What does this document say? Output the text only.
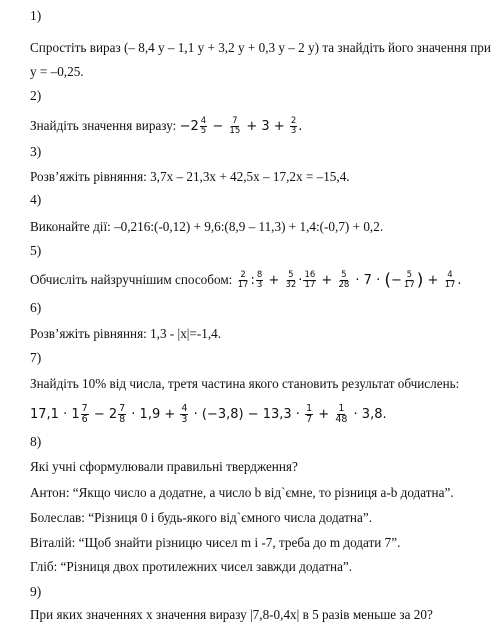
1)
Спростіть вираз (– 8,4 у – 1,1 у + 3,2 у + 0,3 у – 2 у) та знайдіть його значення при
у = –0,25.
2)
Знайдіть значення виразу: $-2 \frac{4}{5} - \frac{7}{15} + 3 + \frac{2}{3}$ .
3)
Розв’яжіть рівняння: 3,7х – 21,3х + 42,5х – 17,2х = –15,4.
4)
Виконайте дії: –0,216:(-0,12) + 9,6:(8,9 – 11,3) + 1,4:(-0,7) + 0,2.
5)
Обчисліть найзручнішим способом: $\frac{2}{17}$ : $\frac{8}{3} + \frac{5}{32} \cdot \frac{16}{17} + \frac{5}{28} \cdot 7$ · (− $\frac{5}{17}$ ) + $\frac{4}{17}$ .
6)
Розв’яжіть рівняння: 1,3 - |х|=-1,4.
7)
Знайдіть 10% від числа, третя частина якого становить результат обчислень:
$17,1 \cdot 1 \frac{7}{6} - 2 \frac{7}{8} \cdot 1,9 + \frac{4}{3} \cdot (-3,8) - 13,3 \cdot \frac{1}{7} + \frac{1}{48} \cdot 3,8$.
8)
Які учні сформулювали правильні твердження?
Антон: “Якщо число а додатне, а число b від`ємне, то різниця а-b додатна”.
Болеслав: “Різниця 0 і будь-якого від`ємного числа додатна”.
Віталій: “Щоб знайти різницю чисел m і -7, треба до m додати 7”.
Гліб: “Різниця двох протилежних чисел завжди додатна”.
9)
При яких значеннях х значення виразу |7,8-0,4х| в 5 разів меньше за 20?
